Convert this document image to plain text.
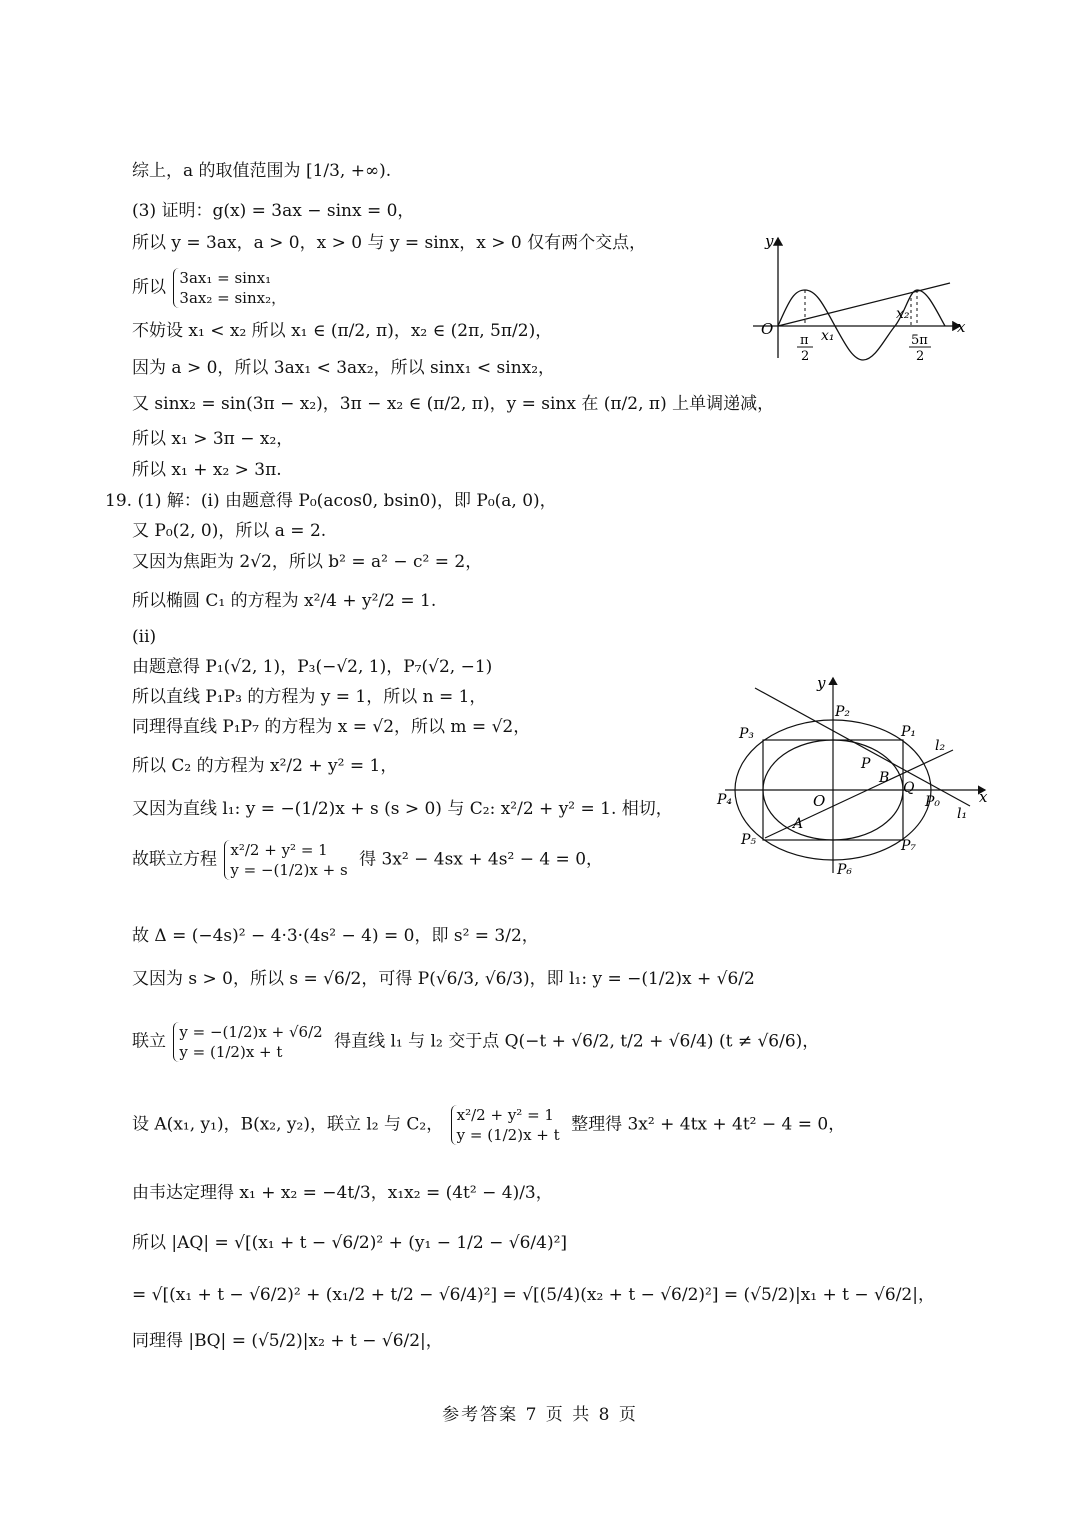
综上，a 的取值范围为 [1/3, +∞).
(3) 证明：g(x) = 3ax − sinx = 0，
所以 y = 3ax，a > 0，x > 0 与 y = sinx，x > 0 仅有两个交点，
所以 3ax₁ = sinx₁
3ax₂ = sinx₂，
不妨设 x₁ < x₂ 所以 x₁ ∈ (π/2, π)，x₂ ∈ (2π, 5π/2)，
因为 a > 0，所以 3ax₁ < 3ax₂，所以 sinx₁ < sinx₂，
又 sinx₂ = sin(3π − x₂)，3π − x₂ ∈ (π/2, π)，y = sinx 在 (π/2, π) 上单调递减，
所以 x₁ > 3π − x₂，
所以 x₁ + x₂ > 3π.
19. (1) 解：(i) 由题意得 P₀(acos0, bsin0)，即 P₀(a, 0)，
又 P₀(2, 0)，所以 a = 2.
又因为焦距为 2√2，所以 b² = a² − c² = 2，
所以椭圆 C₁ 的方程为 x²/4 + y²/2 = 1.
(ii)
由题意得 P₁(√2, 1)，P₃(−√2, 1)，P₇(√2, −1)
所以直线 P₁P₃ 的方程为 y = 1，所以 n = 1，
同理得直线 P₁P₇ 的方程为 x = √2，所以 m = √2，
所以 C₂ 的方程为 x²/2 + y² = 1，
又因为直线 l₁: y = −(1/2)x + s (s > 0) 与 C₂: x²/2 + y² = 1. 相切，
故联立方程 x²/2 + y² = 1
y = −(1/2)x + s
得 3x² − 4sx + 4s² − 4 = 0，
故 Δ = (−4s)² − 4·3·(4s² − 4) = 0，即 s² = 3/2，
又因为 s > 0，所以 s = √6/2，可得 P(√6/3, √6/3)，即 l₁: y = −(1/2)x + √6/2
联立 y = −(1/2)x + √6/2
y = (1/2)x + t
得直线 l₁ 与 l₂ 交于点 Q(−t + √6/2, t/2 + √6/4) (t ≠ √6/6)，
设 A(x₁, y₁)，B(x₂, y₂)，联立 l₂ 与 C₂， x²/2 + y² = 1
y = (1/2)x + t
整理得 3x² + 4tx + 4t² − 4 = 0，
由韦达定理得 x₁ + x₂ = −4t/3，x₁x₂ = (4t² − 4)/3，
所以 |AQ| = √[(x₁ + t − √6/2)² + (y₁ − 1/2 − √6/4)²]
= √[(x₁ + t − √6/2)² + (x₁/2 + t/2 − √6/4)²] = √[(5/4)(x₂ + t − √6/2)²] = (√5/2)|x₁ + t − √6/2|，
同理得 |BQ| = (√5/2)|x₂ + t − √6/2|，
y
x
O
π
2
x₁
x₂
5π
2
y
x
O	P₀
P₁
P₂
P₃
P₄
P₅
P₆
P₇
P
A
B
Q
l₁
l₂
参考答案 7 页 共 8 页
